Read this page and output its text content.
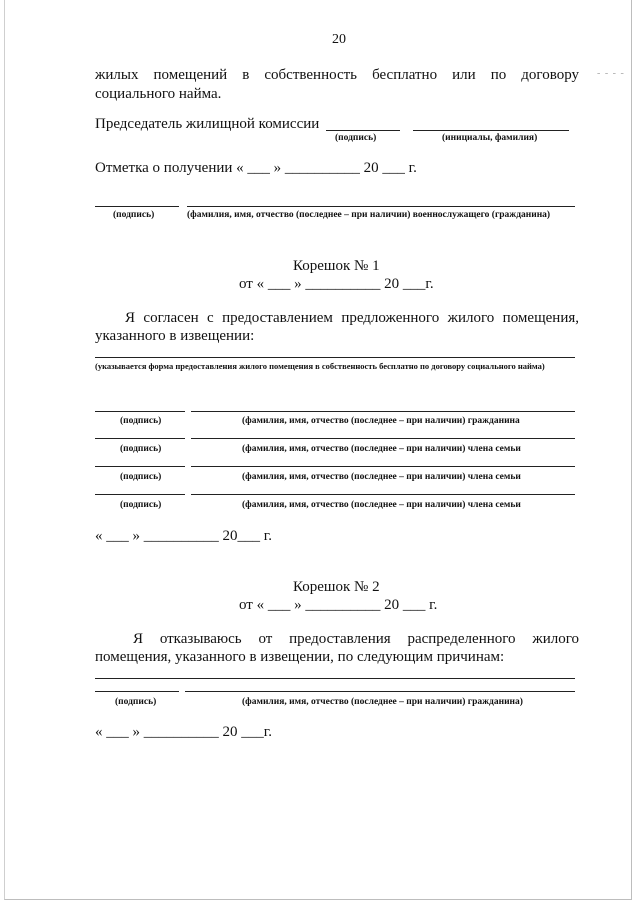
20
жилых помещений в собственность бесплатно или по договору - - - -
социального найма.
Председатель жилищной комиссии
(подпись)	(инициалы, фамилия)
Отметка о получении « ___ » __________ 20 ___ г.
(подпись)	(фамилия, имя, отчество (последнее – при наличии) военнослужащего (гражданина)
Корешок № 1
от « ___ » __________ 20 ___г.
Я согласен с предоставлением предложенного жилого помещения,
указанного в извещении:
(указывается форма предоставления жилого помещения в собственность бесплатно по договору социального найма)
(подпись)	(фамилия, имя, отчество (последнее – при наличии) гражданина
(подпись)	(фамилия, имя, отчество (последнее – при наличии) члена семьи
(подпись)	(фамилия, имя, отчество (последнее – при наличии) члена семьи
(подпись)	(фамилия, имя, отчество (последнее – при наличии) члена семьи
« ___ » __________ 20___ г.
Корешок № 2
от « ___ » __________ 20 ___ г.
Я отказываюсь от предоставления распределенного жилого
помещения, указанного в извещении, по следующим причинам:
(подпись)	(фамилия, имя, отчество (последнее – при наличии) гражданина)
« ___ » __________ 20 ___г.
